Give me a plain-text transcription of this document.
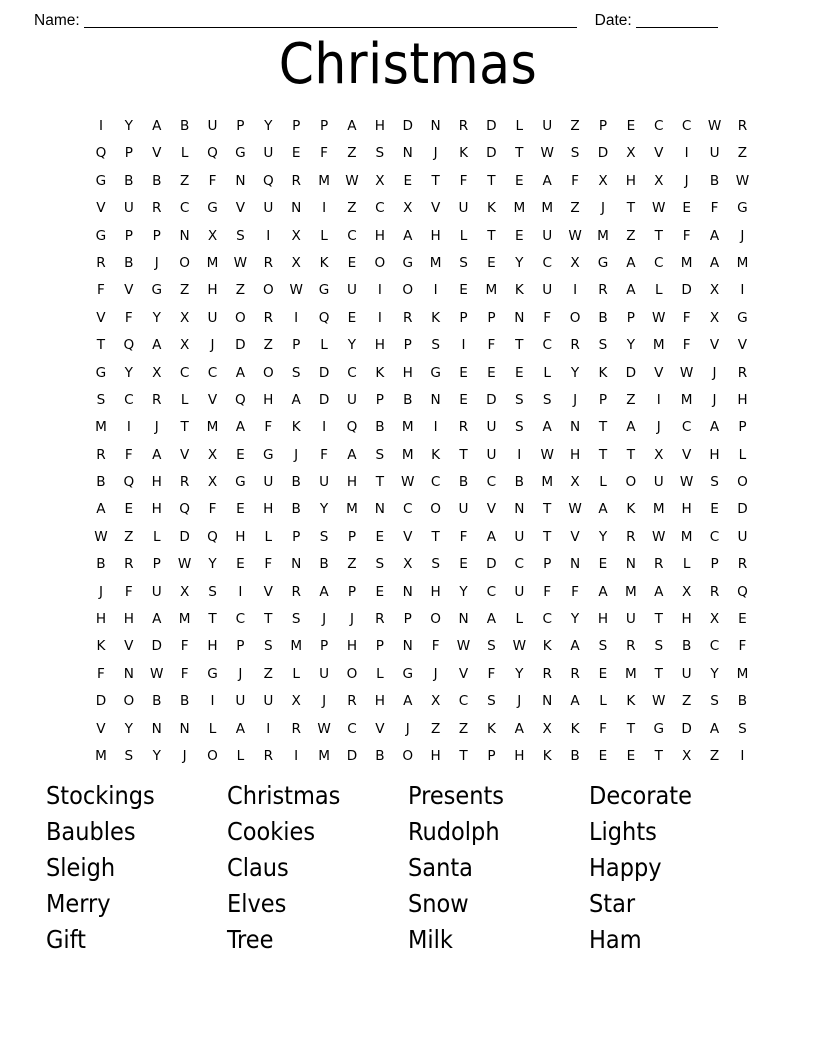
Name:	Date:
Christmas
I	Y	A	B	U	P	Y	P	P	A	H	D	N	R	D	L	U	Z	P	E	C	C	W	R
Q	P	V	L	Q	G	U	E	F	Z	S	N	J	K	D	T	W	S	D	X	V	I	U	Z
G	B	B	Z	F	N	Q	R	M	W	X	E	T	F	T	E	A	F	X	H	X	J	B	W
V	U	R	C	G	V	U	N	I	Z	C	X	V	U	K	M	M	Z	J	T	W	E	F	G
G	P	P	N	X	S	I	X	L	C	H	A	H	L	T	E	U	W	M	Z	T	F	A	J
R	B	J	O	M	W	R	X	K	E	O	G	M	S	E	Y	C	X	G	A	C	M	A	M
F	V	G	Z	H	Z	O	W	G	U	I	O	I	E	M	K	U	I	R	A	L	D	X	I
V	F	Y	X	U	O	R	I	Q	E	I	R	K	P	P	N	F	O	B	P	W	F	X	G
T	Q	A	X	J	D	Z	P	L	Y	H	P	S	I	F	T	C	R	S	Y	M	F	V	V
G	Y	X	C	C	A	O	S	D	C	K	H	G	E	E	E	L	Y	K	D	V	W	J	R
S	C	R	L	V	Q	H	A	D	U	P	B	N	E	D	S	S	J	P	Z	I	M	J	H
M	I	J	T	M	A	F	K	I	Q	B	M	I	R	U	S	A	N	T	A	J	C	A	P
R	F	A	V	X	E	G	J	F	A	S	M	K	T	U	I	W	H	T	T	X	V	H	L
B	Q	H	R	X	G	U	B	U	H	T	W	C	B	C	B	M	X	L	O	U	W	S	O
A	E	H	Q	F	E	H	B	Y	M	N	C	O	U	V	N	T	W	A	K	M	H	E	D
W	Z	L	D	Q	H	L	P	S	P	E	V	T	F	A	U	T	V	Y	R	W	M	C	U
B	R	P	W	Y	E	F	N	B	Z	S	X	S	E	D	C	P	N	E	N	R	L	P	R
J	F	U	X	S	I	V	R	A	P	E	N	H	Y	C	U	F	F	A	M	A	X	R	Q
H	H	A	M	T	C	T	S	J	J	R	P	O	N	A	L	C	Y	H	U	T	H	X	E
K	V	D	F	H	P	S	M	P	H	P	N	F	W	S	W	K	A	S	R	S	B	C	F
F	N	W	F	G	J	Z	L	U	O	L	G	J	V	F	Y	R	R	E	M	T	U	Y	M
D	O	B	B	I	U	U	X	J	R	H	A	X	C	S	J	N	A	L	K	W	Z	S	B
V	Y	N	N	L	A	I	R	W	C	V	J	Z	Z	K	A	X	K	F	T	G	D	A	S
M	S	Y	J	O	L	R	I	M	D	B	O	H	T	P	H	K	B	E	E	T	X	Z	I
Stockings	Christmas	Presents	Decorate
Baubles	Cookies	Rudolph	Lights
Sleigh	Claus	Santa	Happy
Merry	Elves	Snow	Star
Gift	Tree	Milk	Ham
